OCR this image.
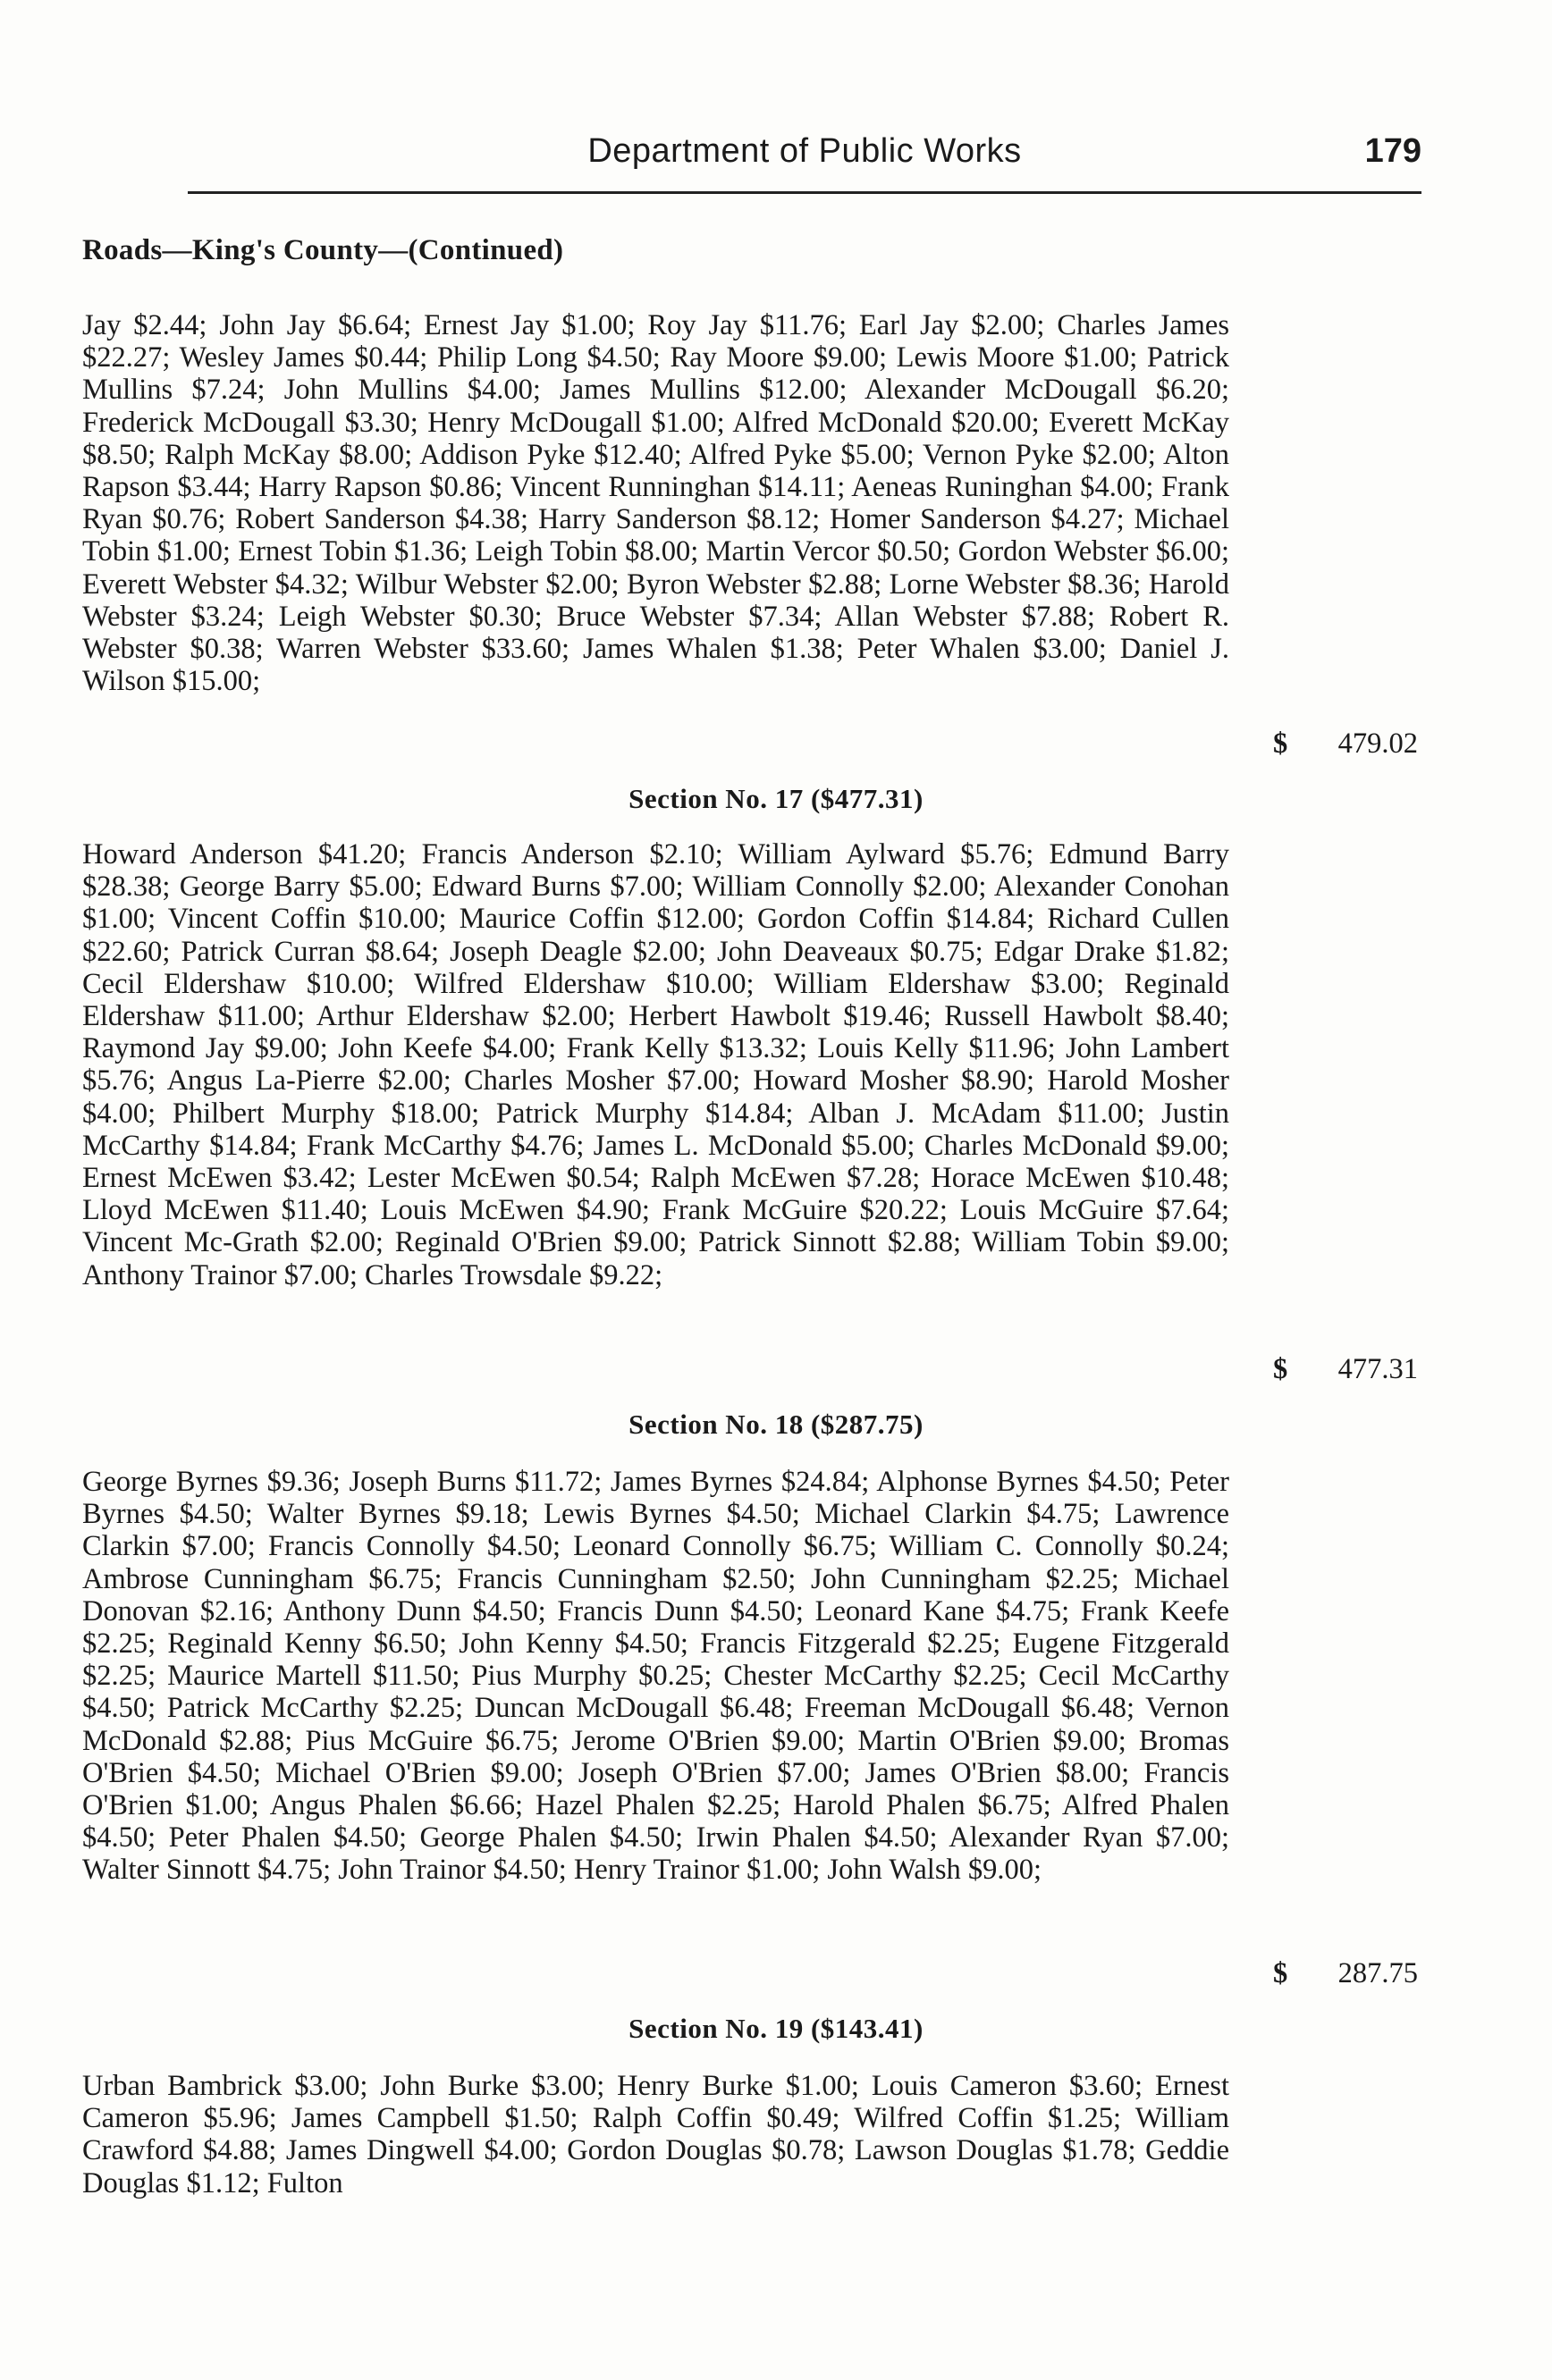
Department of Public Works	179
Roads—King's County—(Continued)

Jay $2.44; John Jay $6.64; Ernest Jay $1.00; Roy Jay $11.76; Earl Jay $2.00; Charles James $22.27; Wesley James $0.44; Philip Long $4.50; Ray Moore $9.00; Lewis Moore $1.00; Patrick Mullins $7.24; John Mullins $4.00; James Mullins $12.00; Alexander McDougall $6.20; Frederick McDougall $3.30; Henry McDougall $1.00; Alfred McDonald $20.00; Everett McKay $8.50; Ralph McKay $8.00; Addison Pyke $12.40; Alfred Pyke $5.00; Vernon Pyke $2.00; Alton Rapson $3.44; Harry Rapson $0.86; Vincent Runninghan $14.11; Aeneas Runinghan $4.00; Frank Ryan $0.76; Robert Sanderson $4.38; Harry Sanderson $8.12; Homer Sanderson $4.27; Michael Tobin $1.00; Ernest Tobin $1.36; Leigh Tobin $8.00; Martin Vercor $0.50; Gordon Webster $6.00; Everett Webster $4.32; Wilbur Webster $2.00; Byron Webster $2.88; Lorne Webster $8.36; Harold Webster $3.24; Leigh Webster $0.30; Bruce Webster $7.34; Allan Webster $7.88; Robert R. Webster $0.38; Warren Webster $33.60; James Whalen $1.38; Peter Whalen $3.00; Daniel J. Wilson $15.00;

$ 479.02
Section No. 17 ($477.31)

Howard Anderson $41.20; Francis Anderson $2.10; William Aylward $5.76; Edmund Barry $28.38; George Barry $5.00; Edward Burns $7.00; William Connolly $2.00; Alexander Conohan $1.00; Vincent Coffin $10.00; Maurice Coffin $12.00; Gordon Coffin $14.84; Richard Cullen $22.60; Patrick Curran $8.64; Joseph Deagle $2.00; John Deaveaux $0.75; Edgar Drake $1.82; Cecil Eldershaw $10.00; Wilfred Eldershaw $10.00; William Eldershaw $3.00; Reginald Eldershaw $11.00; Arthur Eldershaw $2.00; Herbert Hawbolt $19.46; Russell Hawbolt $8.40; Raymond Jay $9.00; John Keefe $4.00; Frank Kelly $13.32; Louis Kelly $11.96; John Lambert $5.76; Angus La-Pierre $2.00; Charles Mosher $7.00; Howard Mosher $8.90; Harold Mosher $4.00; Philbert Murphy $18.00; Patrick Murphy $14.84; Alban J. McAdam $11.00; Justin McCarthy $14.84; Frank McCarthy $4.76; James L. McDonald $5.00; Charles McDonald $9.00; Ernest McEwen $3.42; Lester McEwen $0.54; Ralph McEwen $7.28; Horace McEwen $10.48; Lloyd McEwen $11.40; Louis McEwen $4.90; Frank McGuire $20.22; Louis McGuire $7.64; Vincent Mc-Grath $2.00; Reginald O'Brien $9.00; Patrick Sinnott $2.88; William Tobin $9.00; Anthony Trainor $7.00; Charles Trowsdale $9.22;

$ 477.31
Section No. 18 ($287.75)

George Byrnes $9.36; Joseph Burns $11.72; James Byrnes $24.84; Alphonse Byrnes $4.50; Peter Byrnes $4.50; Walter Byrnes $9.18; Lewis Byrnes $4.50; Michael Clarkin $4.75; Lawrence Clarkin $7.00; Francis Connolly $4.50; Leonard Connolly $6.75; William C. Connolly $0.24; Ambrose Cunningham $6.75; Francis Cunningham $2.50; John Cunningham $2.25; Michael Donovan $2.16; Anthony Dunn $4.50; Francis Dunn $4.50; Leonard Kane $4.75; Frank Keefe $2.25; Reginald Kenny $6.50; John Kenny $4.50; Francis Fitzgerald $2.25; Eugene Fitzgerald $2.25; Maurice Martell $11.50; Pius Murphy $0.25; Chester McCarthy $2.25; Cecil McCarthy $4.50; Patrick McCarthy $2.25; Duncan McDougall $6.48; Freeman McDougall $6.48; Vernon McDonald $2.88; Pius McGuire $6.75; Jerome O'Brien $9.00; Martin O'Brien $9.00; Bromas O'Brien $4.50; Michael O'Brien $9.00; Joseph O'Brien $7.00; James O'Brien $8.00; Francis O'Brien $1.00; Angus Phalen $6.66; Hazel Phalen $2.25; Harold Phalen $6.75; Alfred Phalen $4.50; Peter Phalen $4.50; George Phalen $4.50; Irwin Phalen $4.50; Alexander Ryan $7.00; Walter Sinnott $4.75; John Trainor $4.50; Henry Trainor $1.00; John Walsh $9.00;

$ 287.75
Section No. 19 ($143.41)

Urban Bambrick $3.00; John Burke $3.00; Henry Burke $1.00; Louis Cameron $3.60; Ernest Cameron $5.96; James Campbell $1.50; Ralph Coffin $0.49; Wilfred Coffin $1.25; William Crawford $4.88; James Dingwell $4.00; Gordon Douglas $0.78; Lawson Douglas $1.78; Geddie Douglas $1.12; Fulton
